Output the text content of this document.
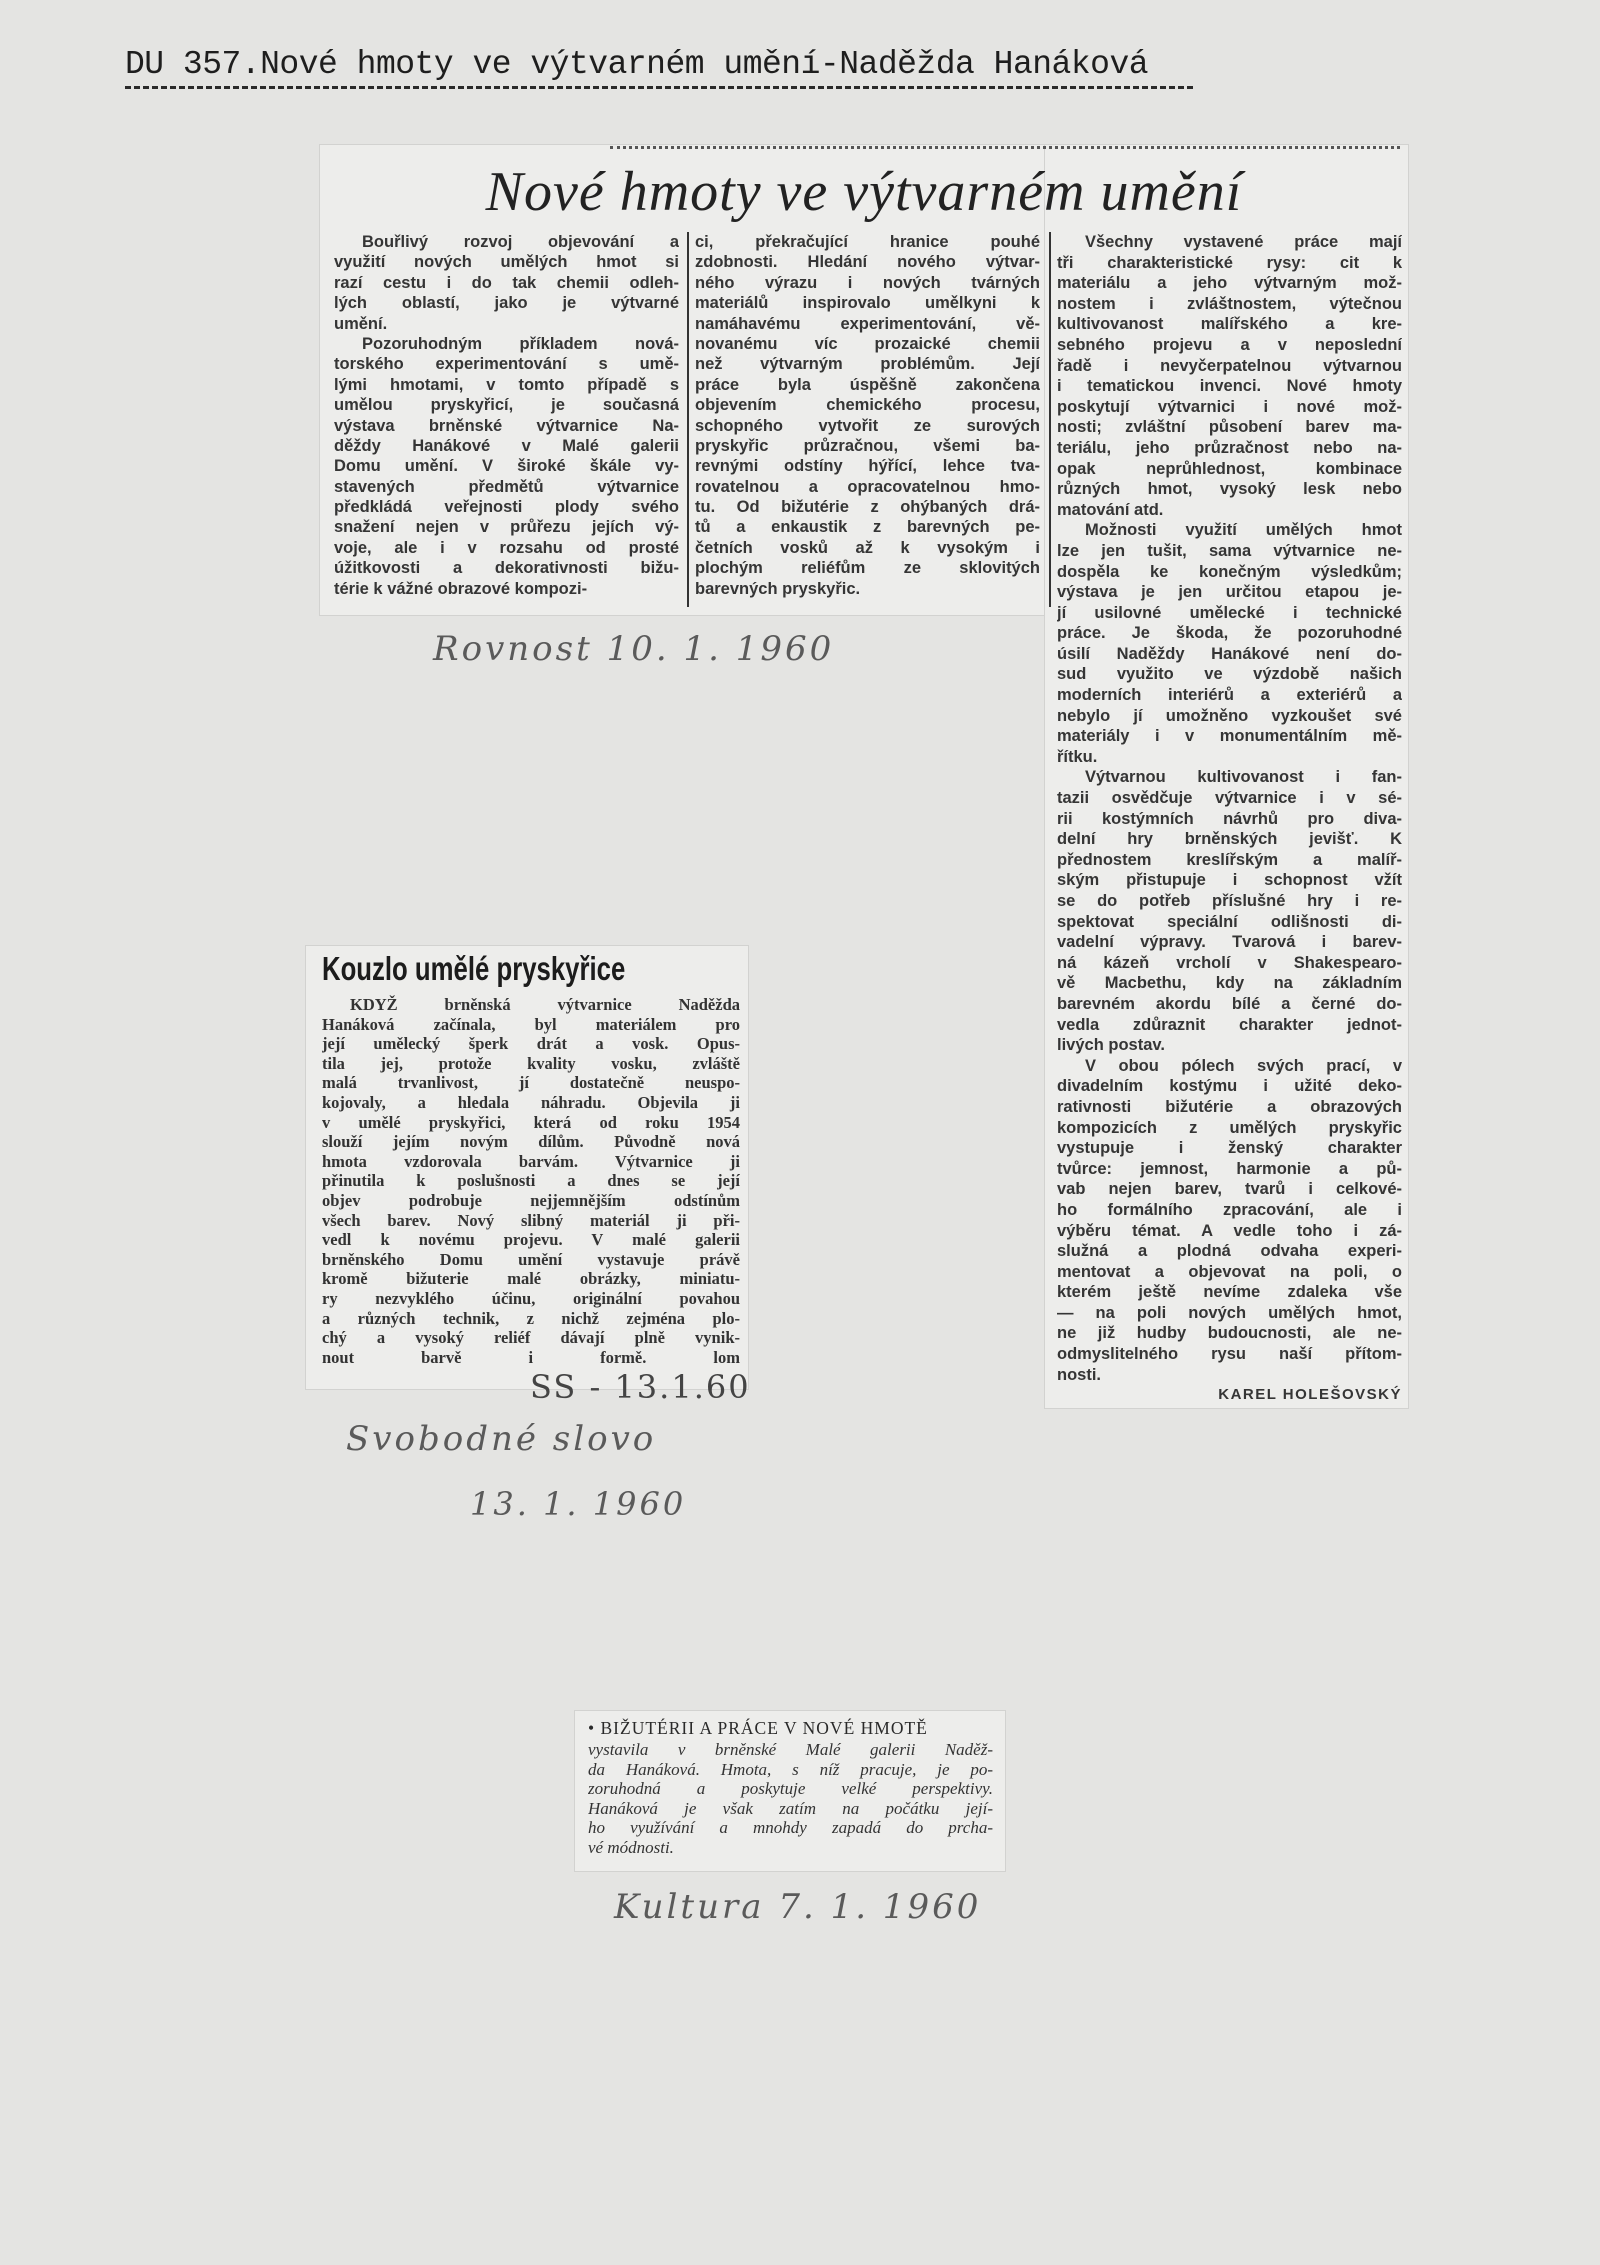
DU 357.Nové hmoty ve výtvarném umění-Naděžda Hanáková
Nové hmoty ve výtvarném umění
Bouřlivý rozvoj objevování a
využití nových umělých hmot si
razí cestu i do tak chemii odleh-
lých oblastí, jako je výtvarné
umění.
Pozoruhodným příkladem nová-
torského experimentování s umě-
lými hmotami, v tomto případě s
umělou pryskyřicí, je současná
výstava brněnské výtvarnice Na-
děždy Hanákové v Malé galerii
Domu umění. V široké škále vy-
stavených předmětů výtvarnice
předkládá veřejnosti plody svého
snažení nejen v průřezu jejích vý-
voje, ale i v rozsahu od prosté
úžitkovosti a dekorativnosti bižu-
térie k vážné obrazové kompozi-
ci, překračující hranice pouhé
zdobnosti. Hledání nového výtvar-
ného výrazu i nových tvárných
materiálů inspirovalo umělkyni k
namáhavému experimentování, vě-
novanému víc prozaické chemii
než výtvarným problémům. Její
práce byla úspěšně zakončena
objevením chemického procesu,
schopného vytvořit ze surových
pryskyřic průzračnou, všemi ba-
revnými odstíny hýřící, lehce tva-
rovatelnou a opracovatelnou hmo-
tu. Od bižutérie z ohýbaných drá-
tů a enkaustik z barevných pe-
četních vosků až k vysokým i
plochým reliéfům ze sklovitých
barevných pryskyřic.
Všechny vystavené práce mají
tři charakteristické rysy: cit k
materiálu a jeho výtvarným mož-
nostem i zvláštnostem, výtečnou
kultivovanost malířského a kre-
sebného projevu a v neposlední
řadě i nevyčerpatelnou výtvarnou
i tematickou invenci. Nové hmoty
poskytují výtvarnici i nové mož-
nosti; zvláštní působení barev ma-
teriálu, jeho průzračnost nebo na-
opak neprůhlednost, kombinace
různých hmot, vysoký lesk nebo
matování atd.
Možnosti využití umělých hmot
lze jen tušit, sama výtvarnice ne-
dospěla ke konečným výsledkům;
výstava je jen určitou etapou je-
jí usilovné umělecké i technické
práce. Je škoda, že pozoruhodné
úsilí Naděždy Hanákové není do-
sud využito ve výzdobě našich
moderních interiérů a exteriérů a
nebylo jí umožněno vyzkoušet své
materiály i v monumentálním mě-
řítku.
Výtvarnou kultivovanost i fan-
tazii osvědčuje výtvarnice i v sé-
rii kostýmních návrhů pro diva-
delní hry brněnských jevišť. K
přednostem kreslířským a malíř-
ským přistupuje i schopnost vžít
se do potřeb příslušné hry i re-
spektovat speciální odlišnosti di-
vadelní výpravy. Tvarová i barev-
ná kázeň vrcholí v Shakespearo-
vě Macbethu, kdy na základním
barevném akordu bílé a černé do-
vedla zdůraznit charakter jednot-
livých postav.
V obou pólech svých prací, v
divadelním kostýmu i užité deko-
rativnosti bižutérie a obrazových
kompozicích z umělých pryskyřic
vystupuje i ženský charakter
tvůrce: jemnost, harmonie a pů-
vab nejen barev, tvarů i celkové-
ho formálního zpracování, ale i
výběru témat. A vedle toho i zá-
služná a plodná odvaha experi-
mentovat a objevovat na poli, o
kterém ještě nevíme zdaleka vše
— na poli nových umělých hmot,
ne již hudby budoucnosti, ale ne-
odmyslitelného rysu naší přítom-
nosti.
KAREL HOLEŠOVSKÝ
Rovnost 10. 1. 1960
Kouzlo umělé pryskyřice
KDYŽ brněnská výtvarnice Naděžda
Hanáková začínala, byl materiálem pro
její umělecký šperk drát a vosk. Opus-
tila jej, protože kvality vosku, zvláště
malá trvanlivost, jí dostatečně neuspo-
kojovaly, a hledala náhradu. Objevila ji
v umělé pryskyřici, která od roku 1954
slouží jejím novým dílům. Původně nová
hmota vzdorovala barvám. Výtvarnice ji
přinutila k poslušnosti a dnes se její
objev podrobuje nejjemnějším odstínům
všech barev. Nový slibný materiál ji při-
vedl k novému projevu. V malé galerii
brněnského Domu umění vystavuje právě
kromě bižuterie malé obrázky, miniatu-
ry nezvyklého účinu, originální povahou
a různých technik, z nichž zejména plo-
chý a vysoký reliéf dávají plně vynik-
nout barvě i formě. lom
SS - 13.1.60
Svobodné slovo
13. 1. 1960
• BIŽUTÉRII A PRÁCE V NOVÉ HMOTĚ
vystavila v brněnské Malé galerii Naděž-
da Hanáková. Hmota, s níž pracuje, je po-
zoruhodná a poskytuje velké perspektivy.
Hanáková je však zatím na počátku její-
ho využívání a mnohdy zapadá do prcha-
vé módnosti.
Kultura 7. 1. 1960
